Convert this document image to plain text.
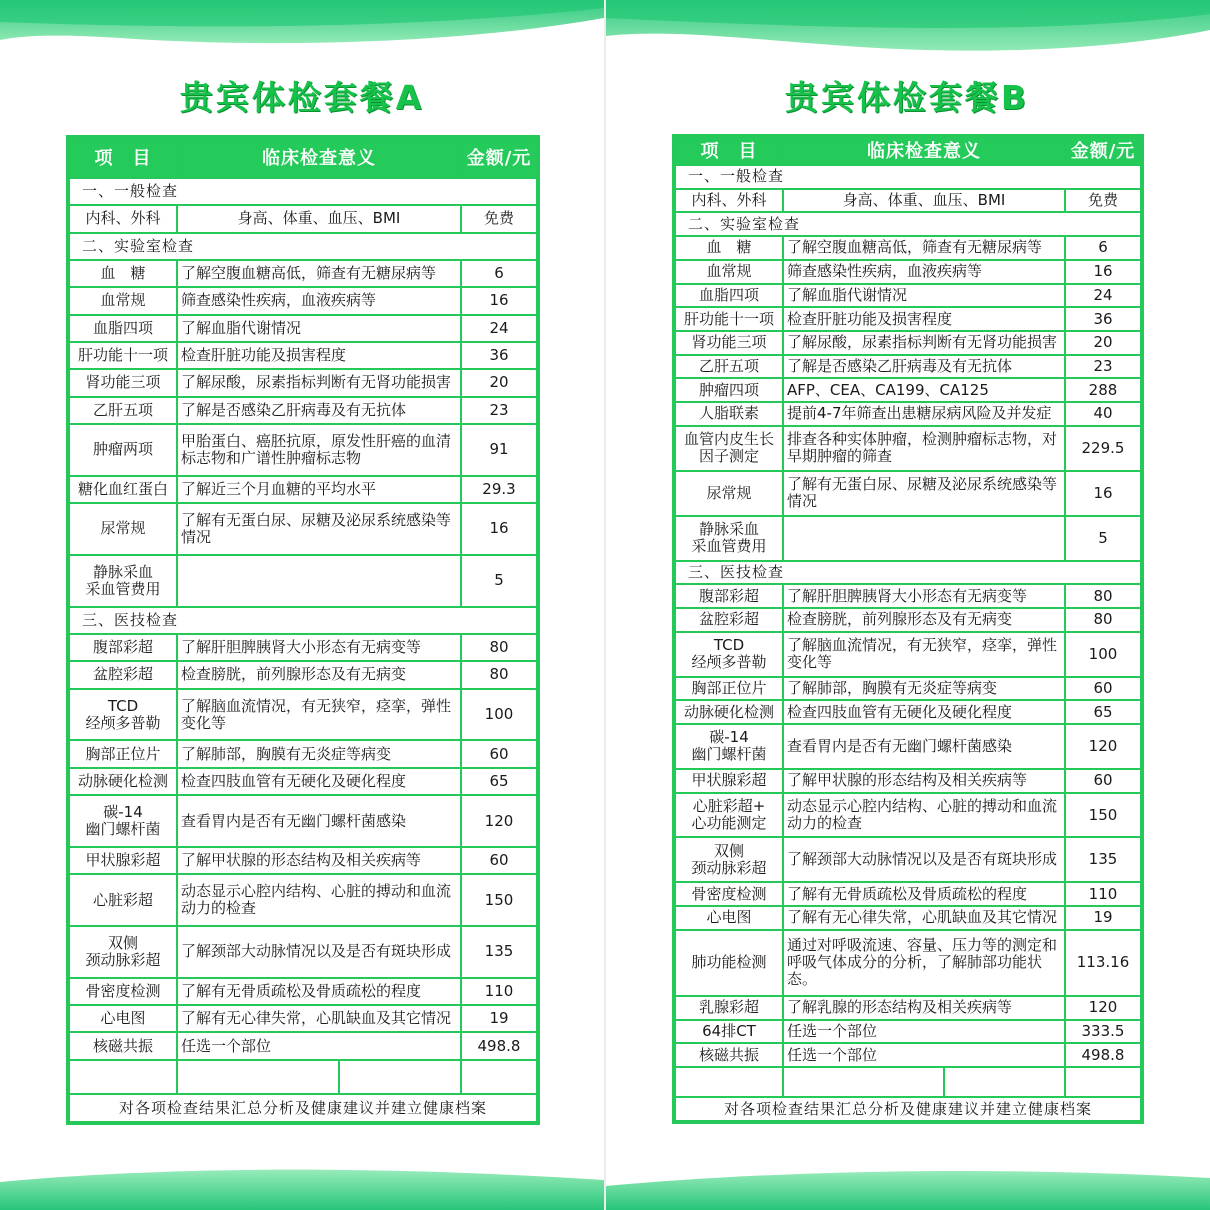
贵宾体检套餐A	贵宾体检套餐B
项　目	临床检查意义	金额/元
一、一般检查		
内科、外科	身高、体重、血压、BMI	免费
二、实验室检查		
血　糖	了解空腹血糖高低，筛查有无糖尿病等	6
血常规	筛查感染性疾病，血液疾病等	16
血脂四项	了解血脂代谢情况	24
肝功能十一项	检查肝脏功能及损害程度	36
肾功能三项	了解尿酸，尿素指标判断有无肾功能损害	20
乙肝五项	了解是否感染乙肝病毒及有无抗体	23
肿瘤两项	甲胎蛋白、癌胚抗原，原发性肝癌的血清标志物和广谱性肿瘤标志物	91
糖化血红蛋白	了解近三个月血糖的平均水平	29.3
尿常规	了解有无蛋白尿、尿糖及泌尿系统感染等情况	16
静脉采血
采血管费用		5
三、医技检查		
腹部彩超	了解肝胆脾胰肾大小形态有无病变等	80
盆腔彩超	检查膀胱，前列腺形态及有无病变	80
TCD
经颅多普勒	了解脑血流情况，有无狭窄，痉挛，弹性变化等	100
胸部正位片	了解肺部，胸膜有无炎症等病变	60
动脉硬化检测	检查四肢血管有无硬化及硬化程度	65
碳-14
幽门螺杆菌	查看胃内是否有无幽门螺杆菌感染	120
甲状腺彩超	了解甲状腺的形态结构及相关疾病等	60
心脏彩超	动态显示心腔内结构、心脏的搏动和血流动力的检查	150
双侧
颈动脉彩超	了解颈部大动脉情况以及是否有斑块形成	135
骨密度检测	了解有无骨质疏松及骨质疏松的程度	110
心电图	了解有无心律失常，心肌缺血及其它情况	19
核磁共振	任选一个部位	498.8

对各项检查结果汇总分析及健康建议并建立健康档案		
项　目	临床检查意义	金额/元
一、一般检查		
内科、外科	身高、体重、血压、BMI	免费
二、实验室检查		
血　糖	了解空腹血糖高低，筛查有无糖尿病等	6
血常规	筛查感染性疾病，血液疾病等	16
血脂四项	了解血脂代谢情况	24
肝功能十一项	检查肝脏功能及损害程度	36
肾功能三项	了解尿酸，尿素指标判断有无肾功能损害	20
乙肝五项	了解是否感染乙肝病毒及有无抗体	23
肿瘤四项	AFP、CEA、CA199、CA125	288
人脂联素	提前4-7年筛查出患糖尿病风险及并发症	40
血管内皮生长
因子测定	排查各种实体肿瘤，检测肿瘤标志物，对早期肿瘤的筛查	229.5
尿常规	了解有无蛋白尿、尿糖及泌尿系统感染等情况	16
静脉采血
采血管费用		5
三、医技检查		
腹部彩超	了解肝胆脾胰肾大小形态有无病变等	80
盆腔彩超	检查膀胱，前列腺形态及有无病变	80
TCD
经颅多普勒	了解脑血流情况，有无狭窄，痉挛，弹性变化等	100
胸部正位片	了解肺部，胸膜有无炎症等病变	60
动脉硬化检测	检查四肢血管有无硬化及硬化程度	65
碳-14
幽门螺杆菌	查看胃内是否有无幽门螺杆菌感染	120
甲状腺彩超	了解甲状腺的形态结构及相关疾病等	60
心脏彩超+
心功能测定	动态显示心腔内结构、心脏的搏动和血流动力的检查	150
双侧
颈动脉彩超	了解颈部大动脉情况以及是否有斑块形成	135
骨密度检测	了解有无骨质疏松及骨质疏松的程度	110
心电图	了解有无心律失常，心肌缺血及其它情况	19
肺功能检测	通过对呼吸流速、容量、压力等的测定和呼吸气体成分的分析，了解肺部功能状态。	113.16
乳腺彩超	了解乳腺的形态结构及相关疾病等	120
64排CT	任选一个部位	333.5
核磁共振	任选一个部位	498.8

对各项检查结果汇总分析及健康建议并建立健康档案		
